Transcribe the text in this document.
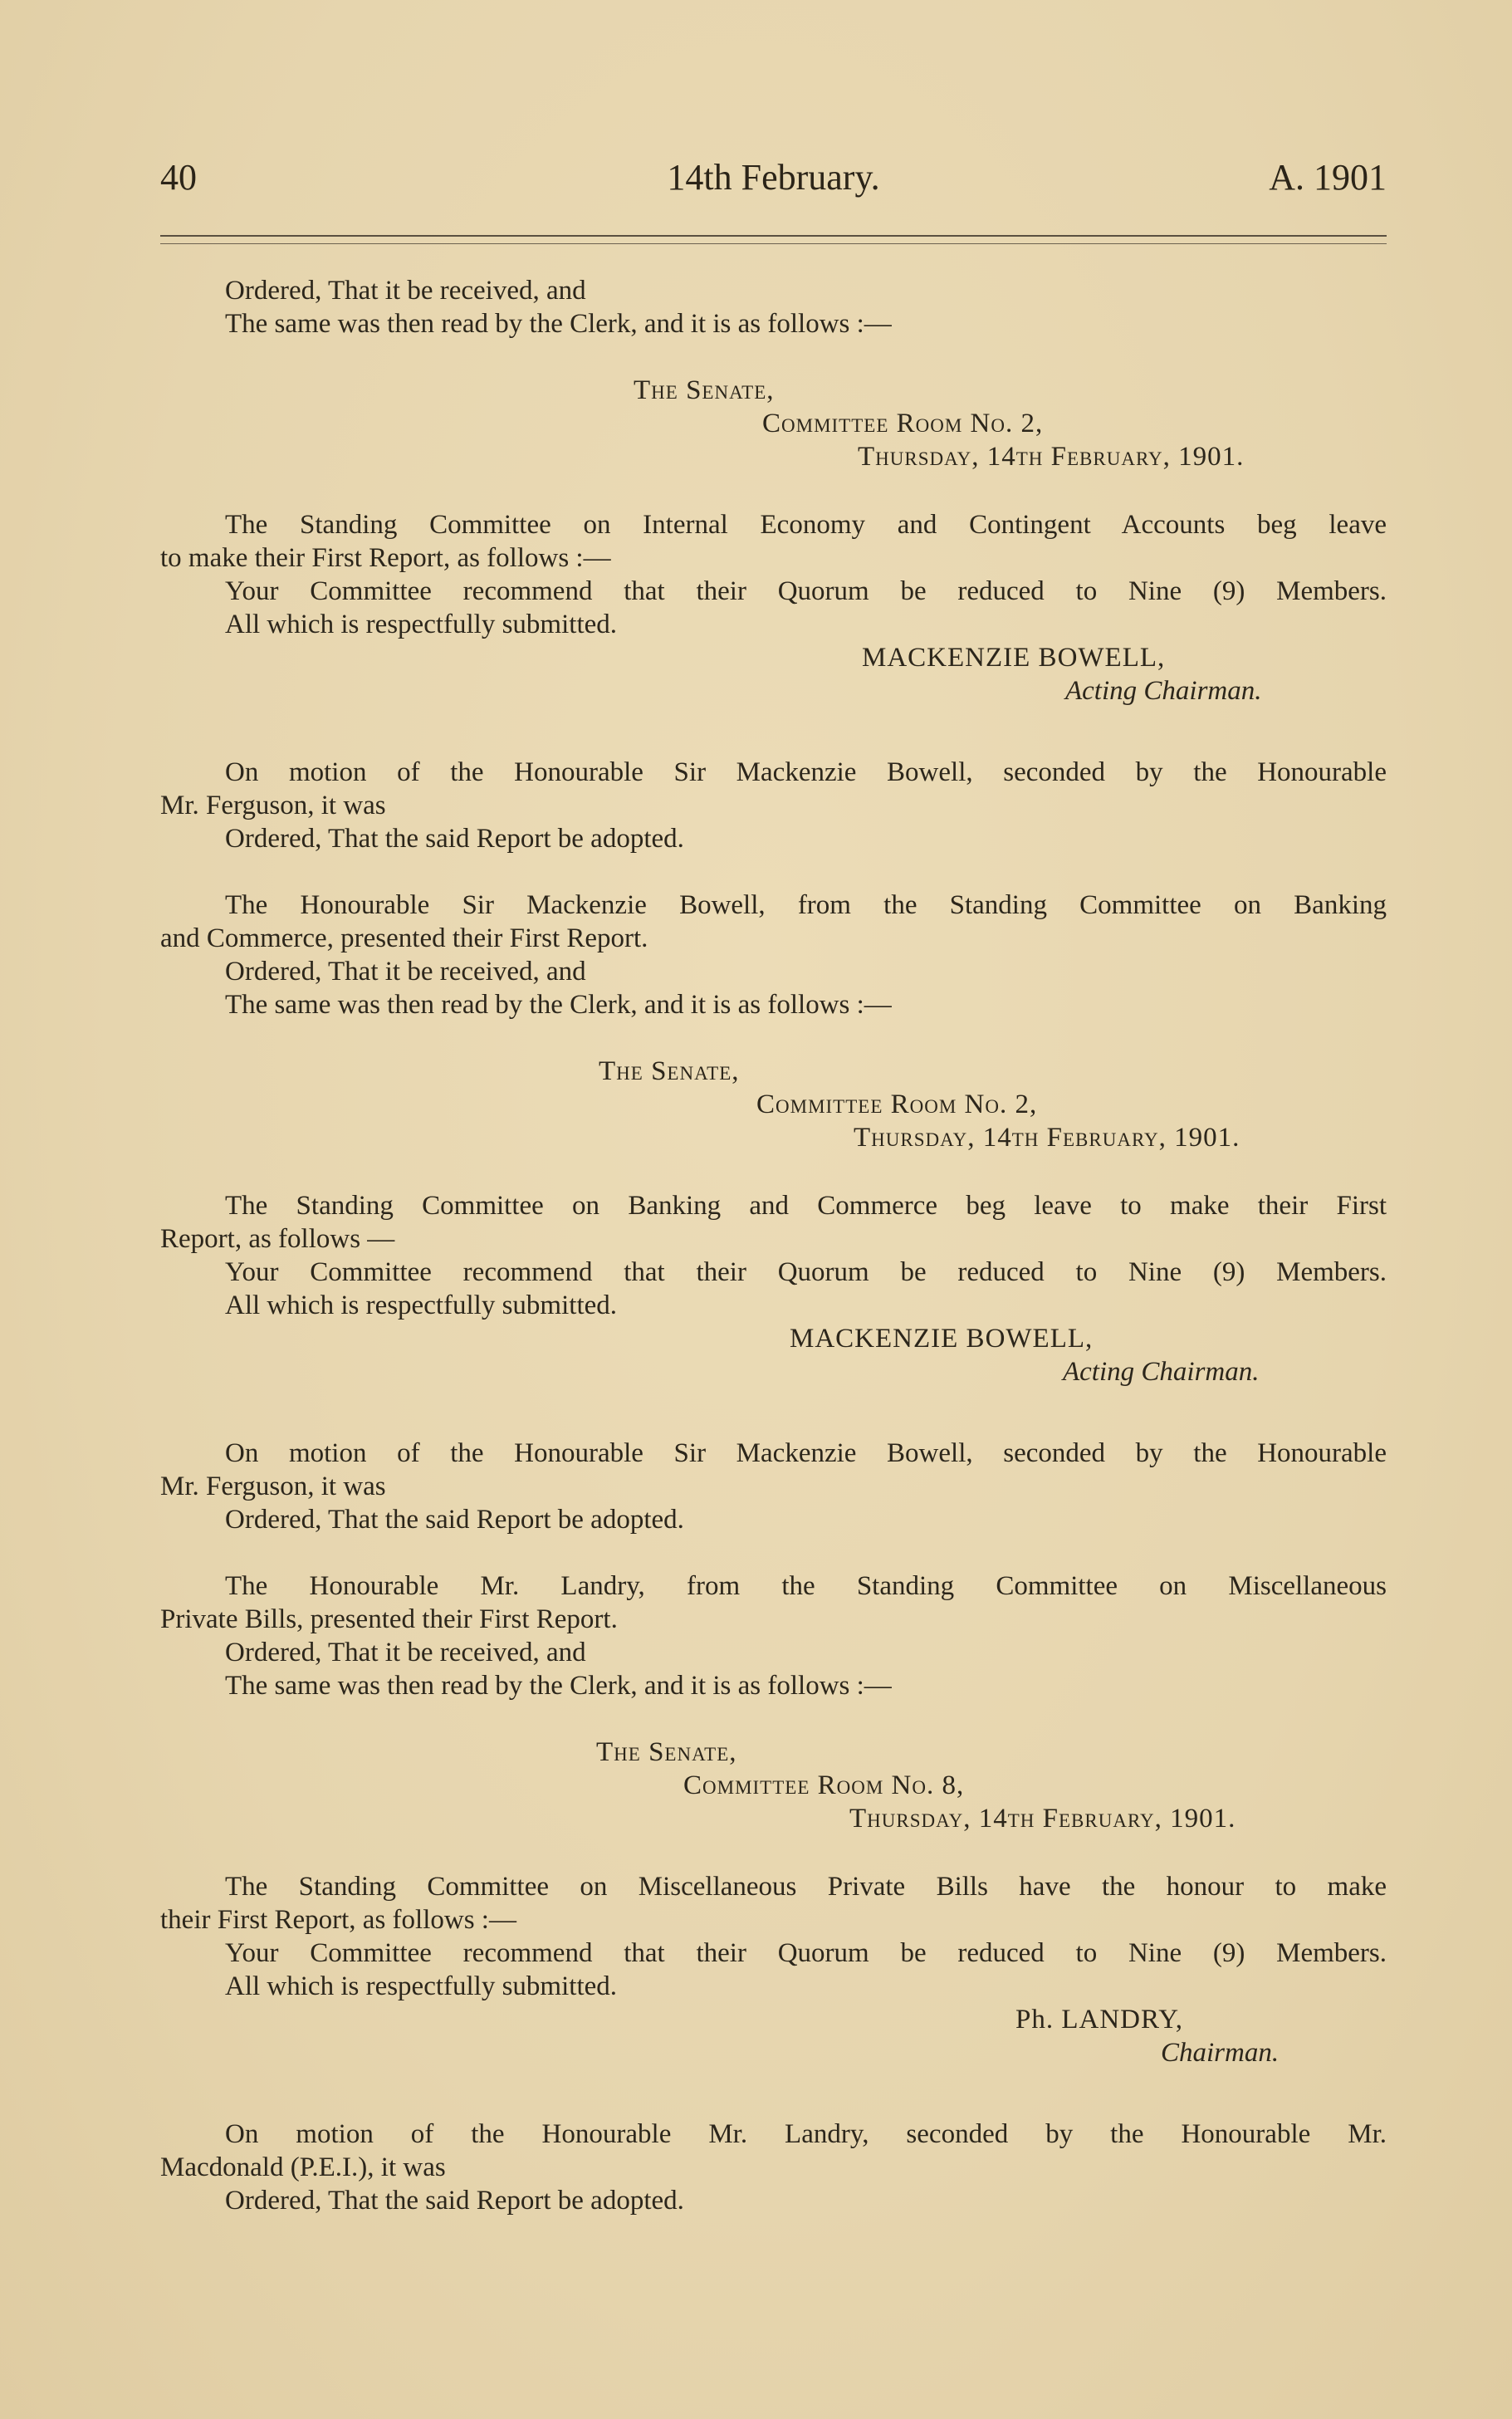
40	14th February.	A. 1901
Ordered, That it be received, and
The same was then read by the Clerk, and it is as follows :—
The Senate,
Committee Room No. 2,
Thursday, 14th February, 1901.
The Standing Committee on Internal Economy and Contingent Accounts beg leave
to make their First Report, as follows :—
Your Committee recommend that their Quorum be reduced to Nine (9) Members.
All which is respectfully submitted.
MACKENZIE BOWELL,
Acting Chairman.
On motion of the Honourable Sir Mackenzie Bowell, seconded by the Honourable
Mr. Ferguson, it was
Ordered, That the said Report be adopted.
The Honourable Sir Mackenzie Bowell, from the Standing Committee on Banking
and Commerce, presented their First Report.
Ordered, That it be received, and
The same was then read by the Clerk, and it is as follows :—
The Senate,
Committee Room No. 2,
Thursday, 14th February, 1901.
The Standing Committee on Banking and Commerce beg leave to make their First
Report, as follows —
Your Committee recommend that their Quorum be reduced to Nine (9) Members.
All which is respectfully submitted.
MACKENZIE BOWELL,
Acting Chairman.
On motion of the Honourable Sir Mackenzie Bowell, seconded by the Honourable
Mr. Ferguson, it was
Ordered, That the said Report be adopted.
The Honourable Mr. Landry, from the Standing Committee on Miscellaneous
Private Bills, presented their First Report.
Ordered, That it be received, and
The same was then read by the Clerk, and it is as follows :—
The Senate,
Committee Room No. 8,
Thursday, 14th February, 1901.
The Standing Committee on Miscellaneous Private Bills have the honour to make
their First Report, as follows :—
Your Committee recommend that their Quorum be reduced to Nine (9) Members.
All which is respectfully submitted.
Ph. LANDRY,
Chairman.
On motion of the Honourable Mr. Landry, seconded by the Honourable Mr.
Macdonald (P.E.I.), it was
Ordered, That the said Report be adopted.
